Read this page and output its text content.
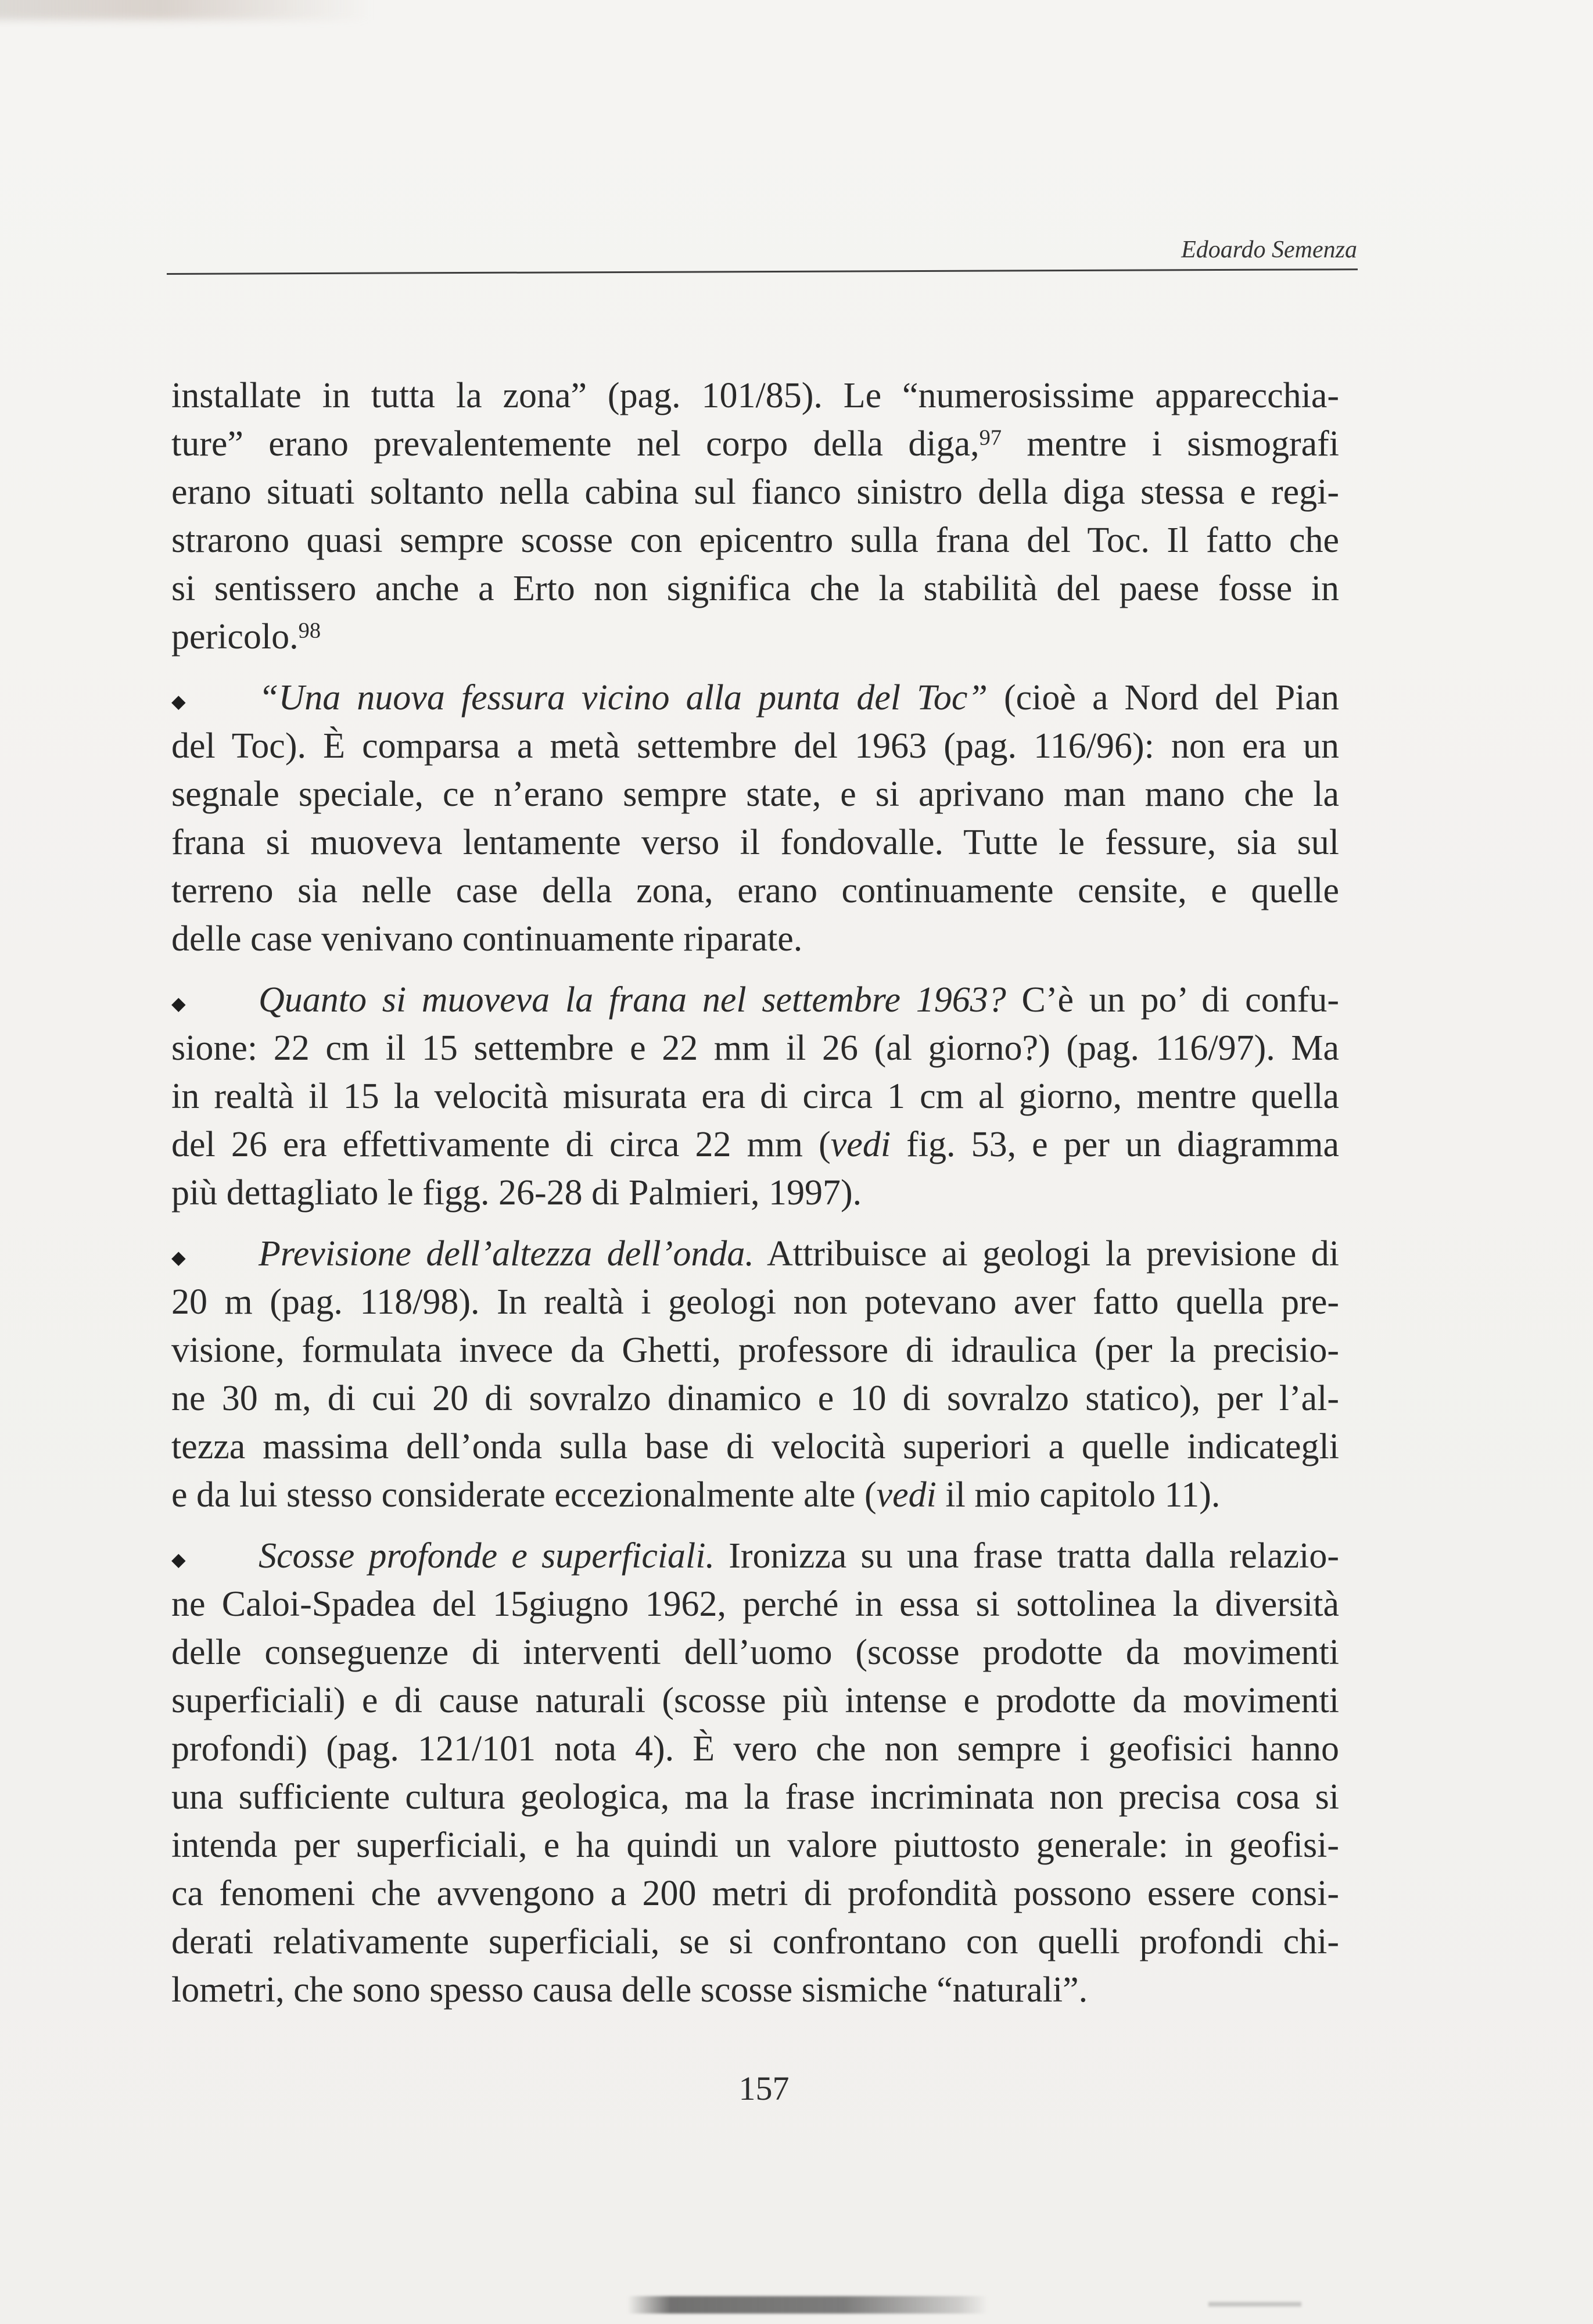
Edoardo Semenza
installate in tutta la zona” (pag. 101/85). Le “numerosissime apparecchia-
ture” erano prevalentemente nel corpo della diga,$^{97}$ mentre i sismografi
erano situati soltanto nella cabina sul fianco sinistro della diga stessa e regi-
strarono quasi sempre scosse con epicentro sulla frana del Toc. Il fatto che
si sentissero anche a Erto non significa che la stabilità del paese fosse in
pericolo.$^{98}$
◆ “Una nuova fessura vicino alla punta del Toc” (cioè a Nord del Pian
del Toc). È comparsa a metà settembre del 1963 (pag. 116/96): non era un
segnale speciale, ce n’erano sempre state, e si aprivano man mano che la
frana si muoveva lentamente verso il fondovalle. Tutte le fessure, sia sul
terreno sia nelle case della zona, erano continuamente censite, e quelle
delle case venivano continuamente riparate.
◆ Quanto si muoveva la frana nel settembre 1963? C’è un po’ di confu-
sione: 22 cm il 15 settembre e 22 mm il 26 (al giorno?) (pag. 116/97). Ma
in realtà il 15 la velocità misurata era di circa 1 cm al giorno, mentre quella
del 26 era effettivamente di circa 22 mm (vedi fig. 53, e per un diagramma
più dettagliato le figg. 26-28 di Palmieri, 1997).
◆ Previsione dell’altezza dell’onda. Attribuisce ai geologi la previsione di
20 m (pag. 118/98). In realtà i geologi non potevano aver fatto quella pre-
visione, formulata invece da Ghetti, professore di idraulica (per la precisio-
ne 30 m, di cui 20 di sovralzo dinamico e 10 di sovralzo statico), per l’al-
tezza massima dell’onda sulla base di velocità superiori a quelle indicategli
e da lui stesso considerate eccezionalmente alte (vedi il mio capitolo 11).
◆ Scosse profonde e superficiali. Ironizza su una frase tratta dalla relazio-
ne Caloi-Spadea del 15giugno 1962, perché in essa si sottolinea la diversità
delle conseguenze di interventi dell’uomo (scosse prodotte da movimenti
superficiali) e di cause naturali (scosse più intense e prodotte da movimenti
profondi) (pag. 121/101 nota 4). È vero che non sempre i geofisici hanno
una sufficiente cultura geologica, ma la frase incriminata non precisa cosa si
intenda per superficiali, e ha quindi un valore piuttosto generale: in geofisi-
ca fenomeni che avvengono a 200 metri di profondità possono essere consi-
derati relativamente superficiali, se si confrontano con quelli profondi chi-
lometri, che sono spesso causa delle scosse sismiche “naturali”.
157
